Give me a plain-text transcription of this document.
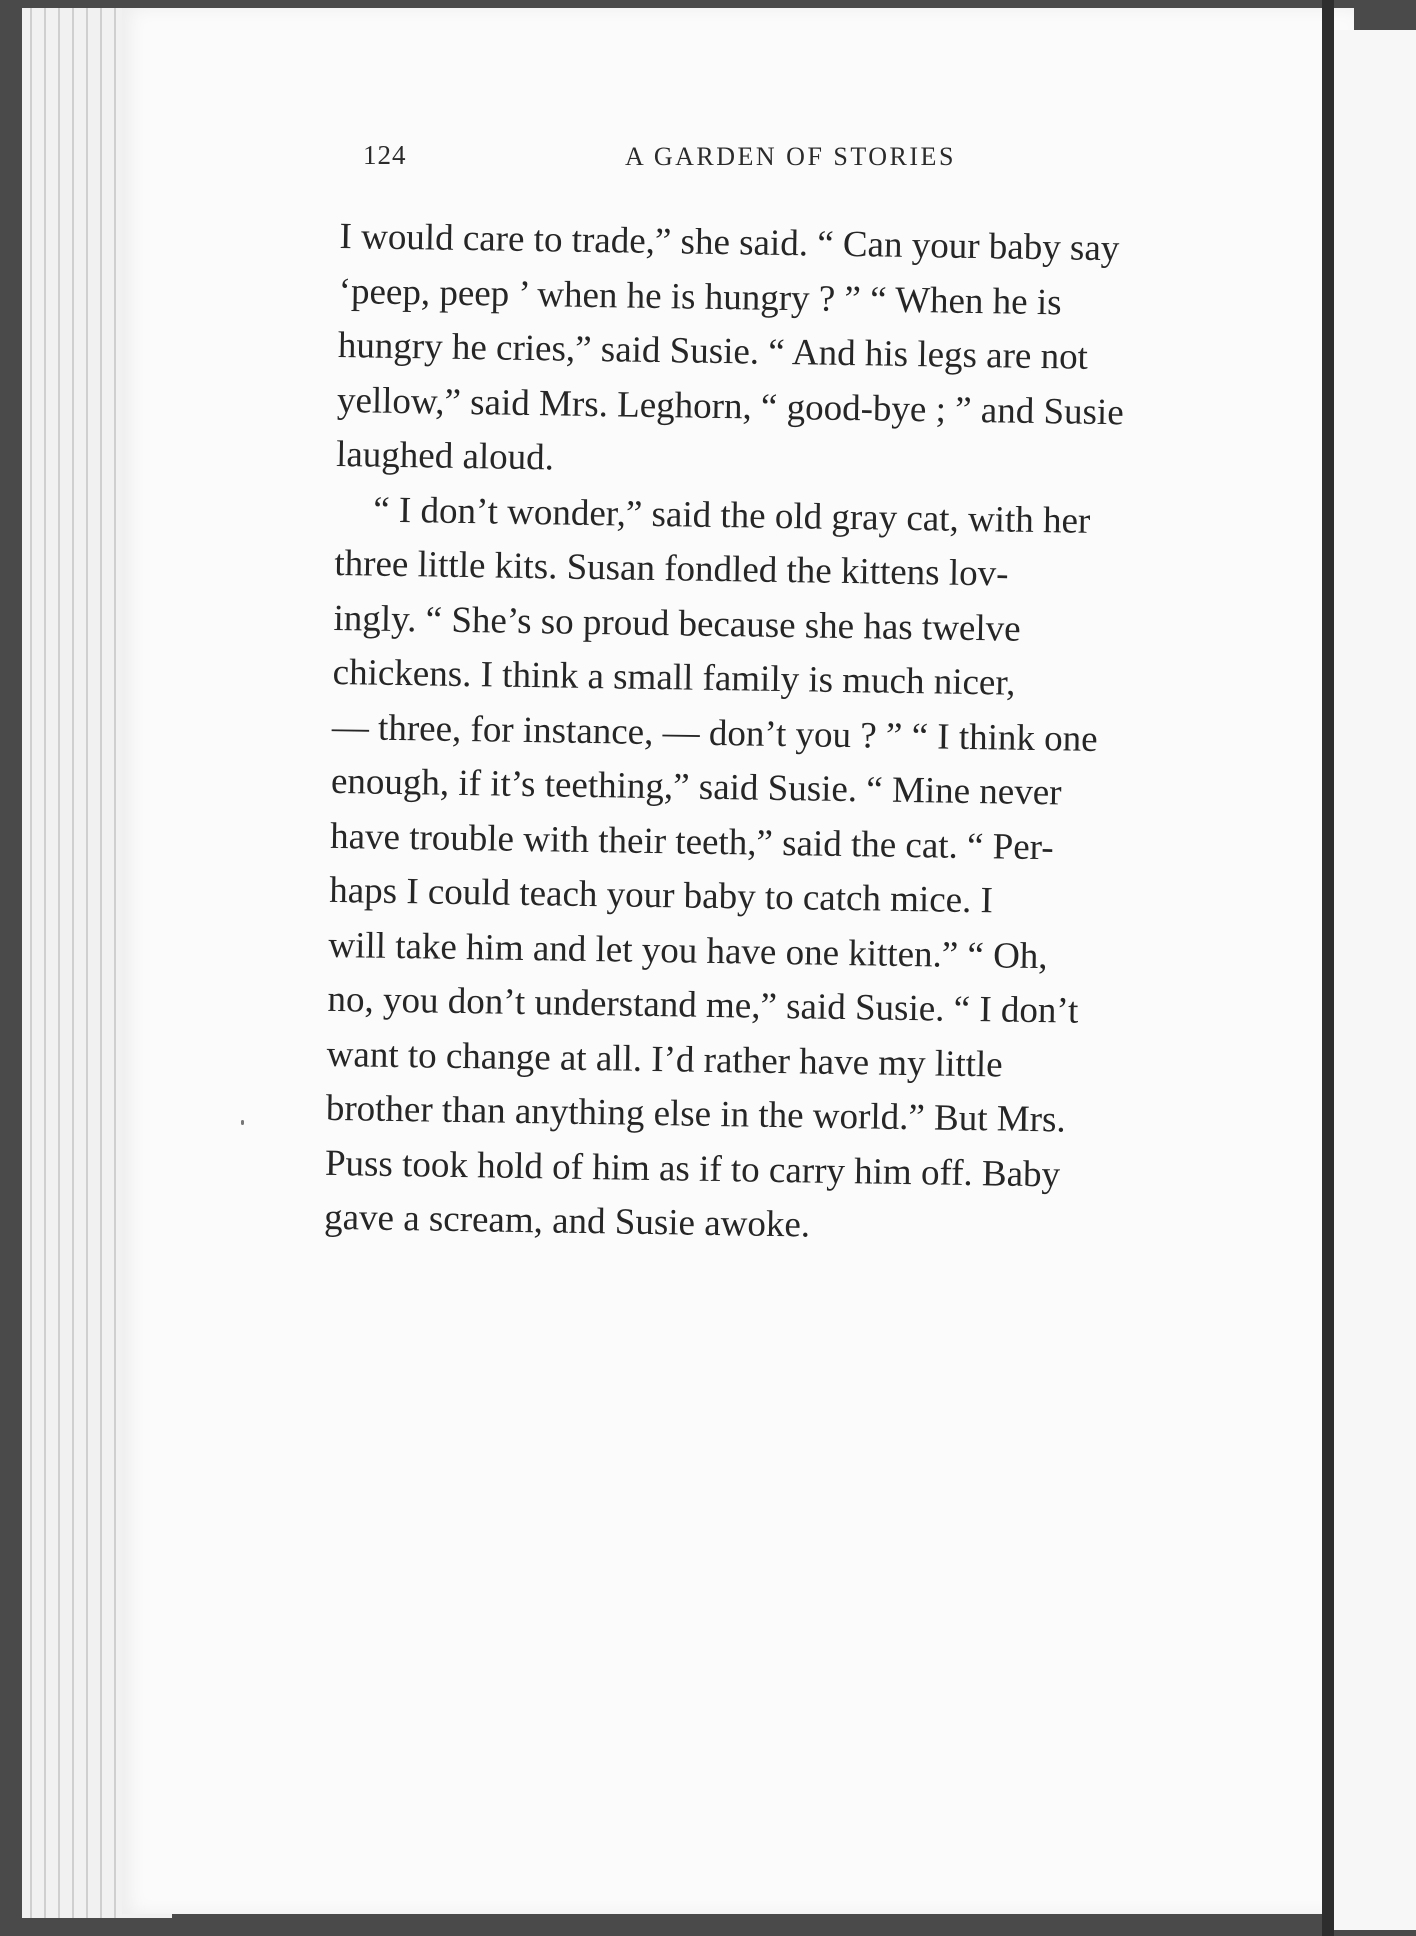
124	A GARDEN OF STORIES
I would care to trade,” she said. “ Can your baby say
‘peep, peep ’ when he is hungry ? ” “ When he is
hungry he cries,” said Susie. “ And his legs are not
yellow,” said Mrs. Leghorn, “ good-bye ; ” and Susie
laughed aloud.
“ I don’t wonder,” said the old gray cat, with her
three little kits. Susan fondled the kittens lov-
ingly. “ She’s so proud because she has twelve
chickens. I think a small family is much nicer,
— three, for instance, — don’t you ? ” “ I think one
enough, if it’s teething,” said Susie. “ Mine never
have trouble with their teeth,” said the cat. “ Per-
haps I could teach your baby to catch mice. I
will take him and let you have one kitten.” “ Oh,
no, you don’t understand me,” said Susie. “ I don’t
want to change at all. I’d rather have my little
brother than anything else in the world.” But Mrs.
Puss took hold of him as if to carry him off. Baby
gave a scream, and Susie awoke.
